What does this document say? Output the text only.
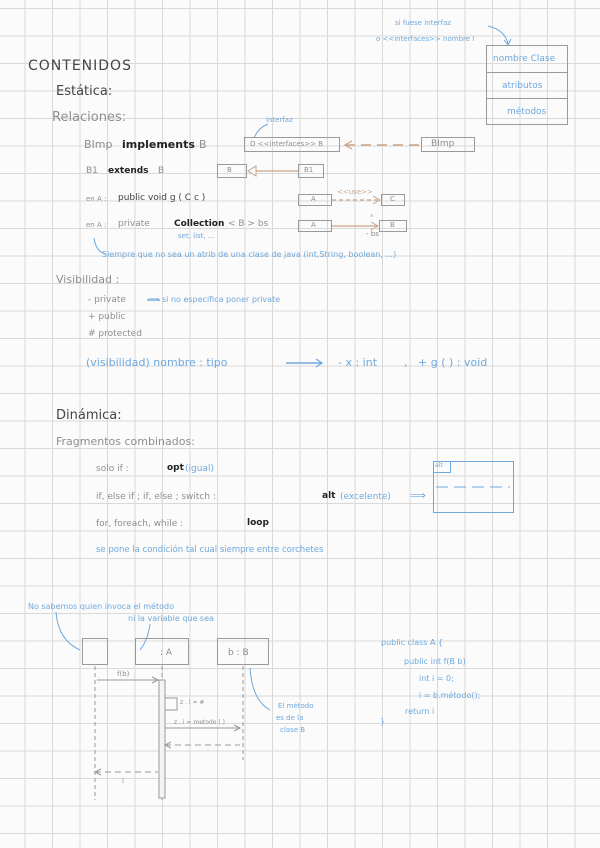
CONTENIDOS
Estática:
Relaciones:
si fuese interfaz
o <<interfaces>> nombre I
nombre Clase
atributos
métodos
BImp implements B
interfaz
O <<interfaces>> B	BImp
B1 extends B	B	B1
en A : public void g ( C c )	A
<<use>>
C
en A : private	Collection < B > bs
set, list, ...
A	B
*
- bs
Siempre que no sea un atrib de una clase de java (int,String, boolean, ...)
Visibilidad :
- private	⟹ si no especifica poner private
+ public
# protected
(visibilidad) nombre : tipo	- x : int , + g ( ) : void
Dinámica:
Fragmentos combinados:
solo if :	opt (igual)
if, else if ; if, else ; switch :	alt (excelente) ⟹
alt
for, foreach, while :	loop
se pone la condición tal cual siempre entre corchetes
No sabemos quien invoca el método
ni la variable que sea
: A	b : B
f(b)
z . i = #
z . i = metodo ( )
i
El método
es de la
clase B
public class A {
public int f(B b)
int i = 0;
i = b.método();
return i
}
